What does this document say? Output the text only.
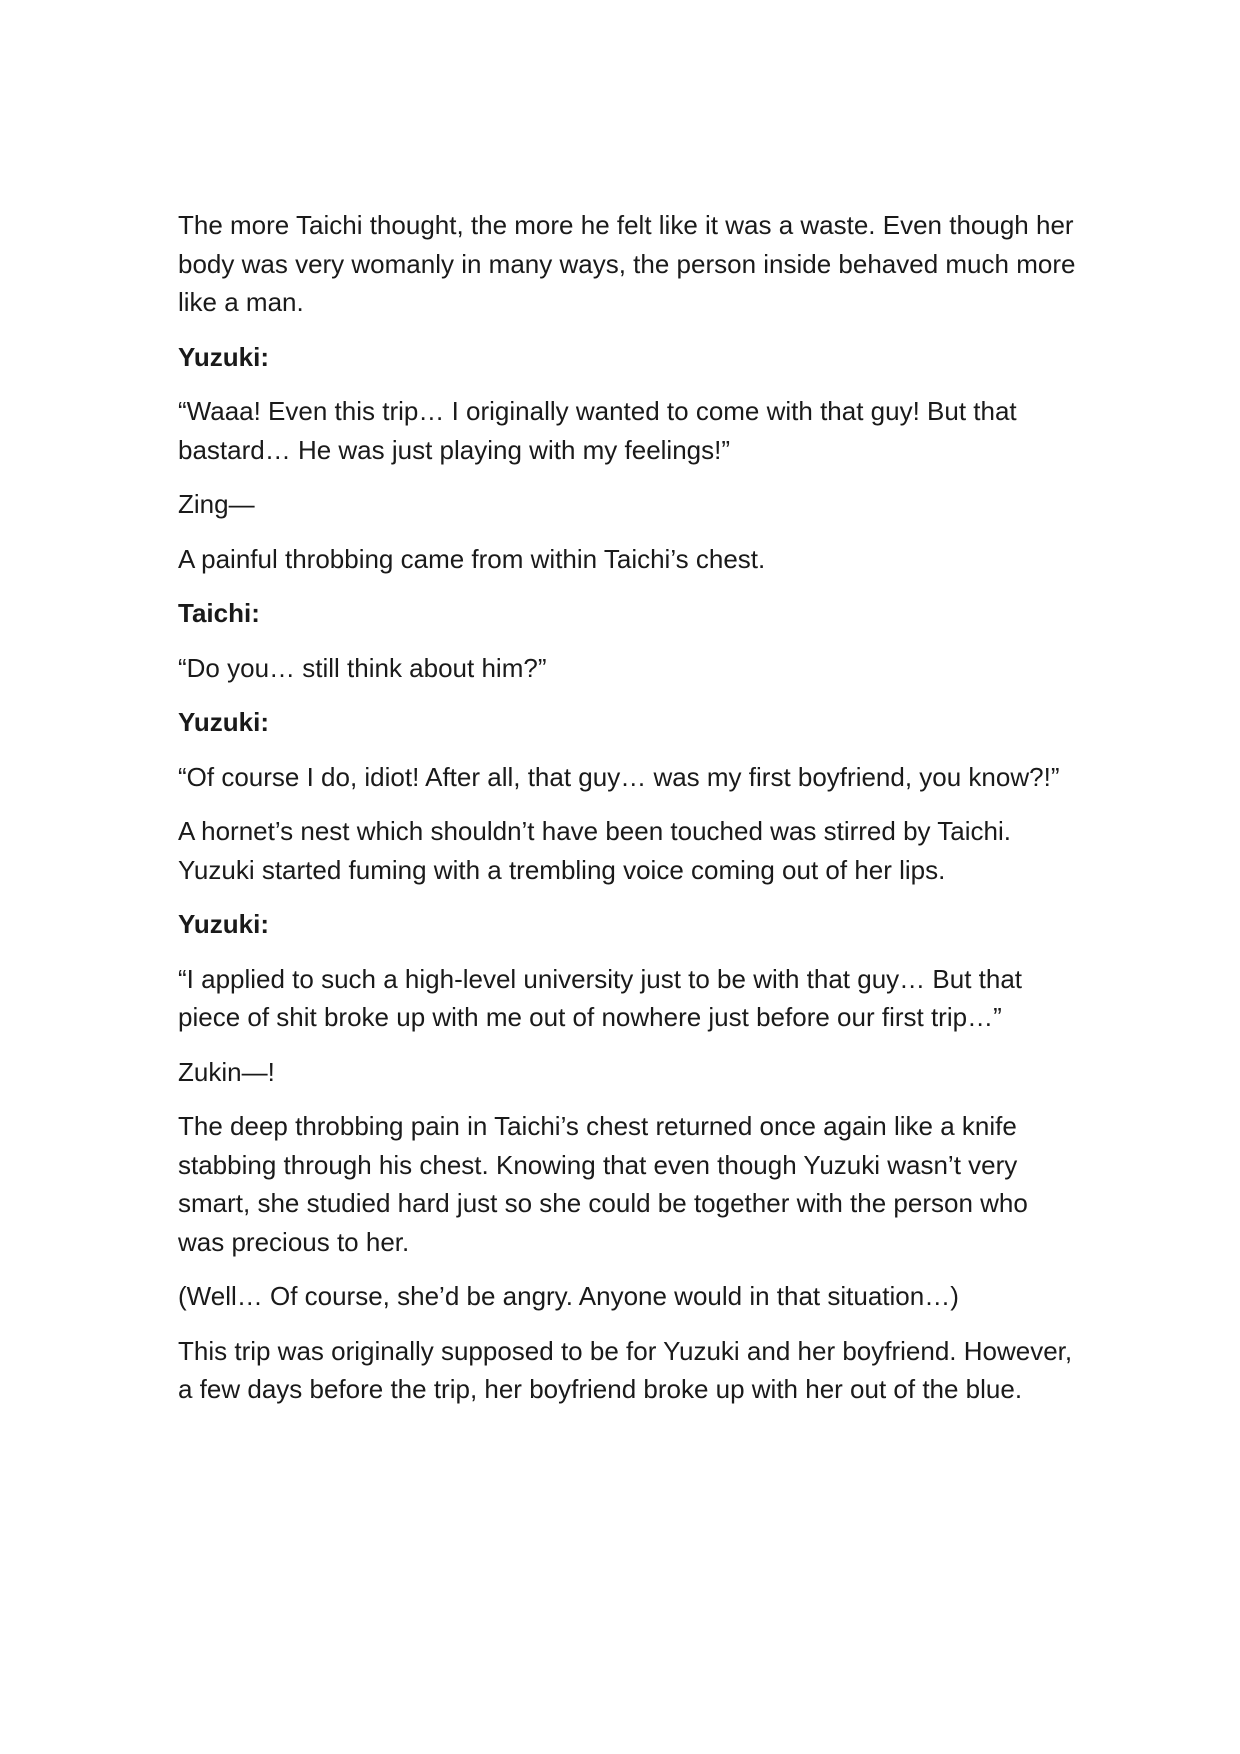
The more Taichi thought, the more he felt like it was a waste. Even though her body was very womanly in many ways, the person inside behaved much more like a man.

Yuzuki:

“Waaa! Even this trip… I originally wanted to come with that guy! But that bastard… He was just playing with my feelings!”

Zing—

A painful throbbing came from within Taichi’s chest.

Taichi:

“Do you… still think about him?”

Yuzuki:

“Of course I do, idiot! After all, that guy… was my first boyfriend, you know?!”

A hornet’s nest which shouldn’t have been touched was stirred by Taichi. Yuzuki started fuming with a trembling voice coming out of her lips.

Yuzuki:

“I applied to such a high-level university just to be with that guy… But that piece of shit broke up with me out of nowhere just before our first trip…”

Zukin—!

The deep throbbing pain in Taichi’s chest returned once again like a knife stabbing through his chest. Knowing that even though Yuzuki wasn’t very smart, she studied hard just so she could be together with the person who was precious to her.

(Well… Of course, she’d be angry. Anyone would in that situation…)

This trip was originally supposed to be for Yuzuki and her boyfriend. However, a few days before the trip, her boyfriend broke up with her out of the blue.
